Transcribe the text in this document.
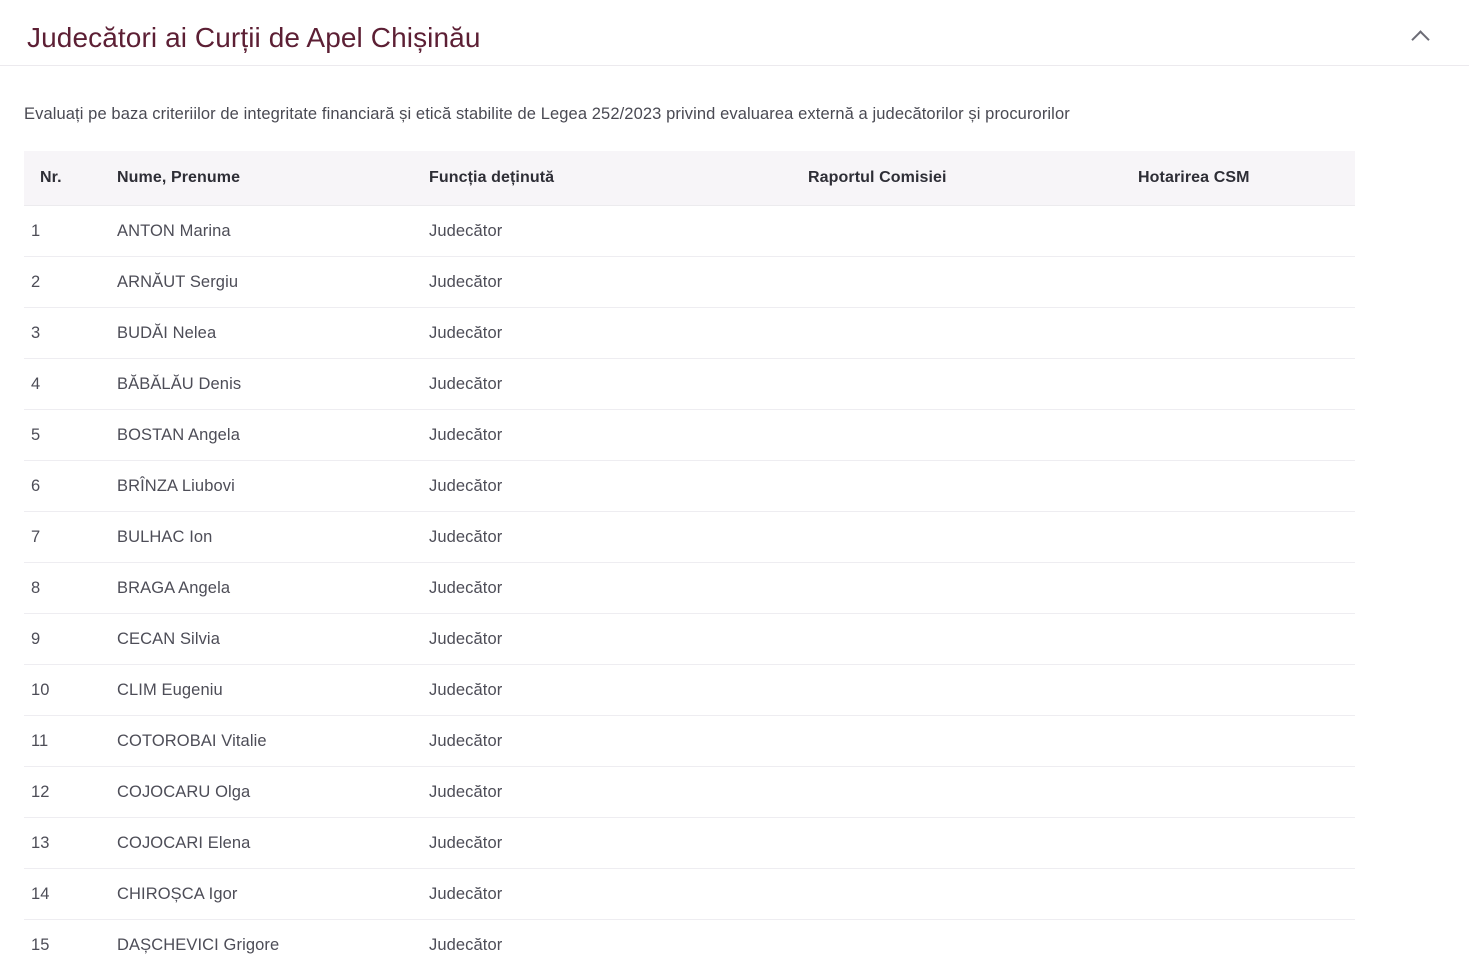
Judecători ai Curții de Apel Chișinău

Evaluați pe baza criteriilor de integritate financiară și etică stabilite de Legea 252/2023 privind evaluarea externă a judecătorilor și procurorilor

Nr.	Nume, Prenume	Funcția deținută	Raportul Comisiei	Hotarirea CSM
1	ANTON Marina	Judecător		
2	ARNĂUT Sergiu	Judecător		
3	BUDĂI Nelea	Judecător		
4	BĂBĂLĂU Denis	Judecător		
5	BOSTAN Angela	Judecător		
6	BRÎNZA Liubovi	Judecător		
7	BULHAC Ion	Judecător		
8	BRAGA Angela	Judecător		
9	CECAN Silvia	Judecător		
10	CLIM Eugeniu	Judecător		
11	COTOROBAI Vitalie	Judecător		
12	COJOCARU Olga	Judecător		
13	COJOCARI Elena	Judecător		
14	CHIROȘCA Igor	Judecător		
15	DAȘCHEVICI Grigore	Judecător		
